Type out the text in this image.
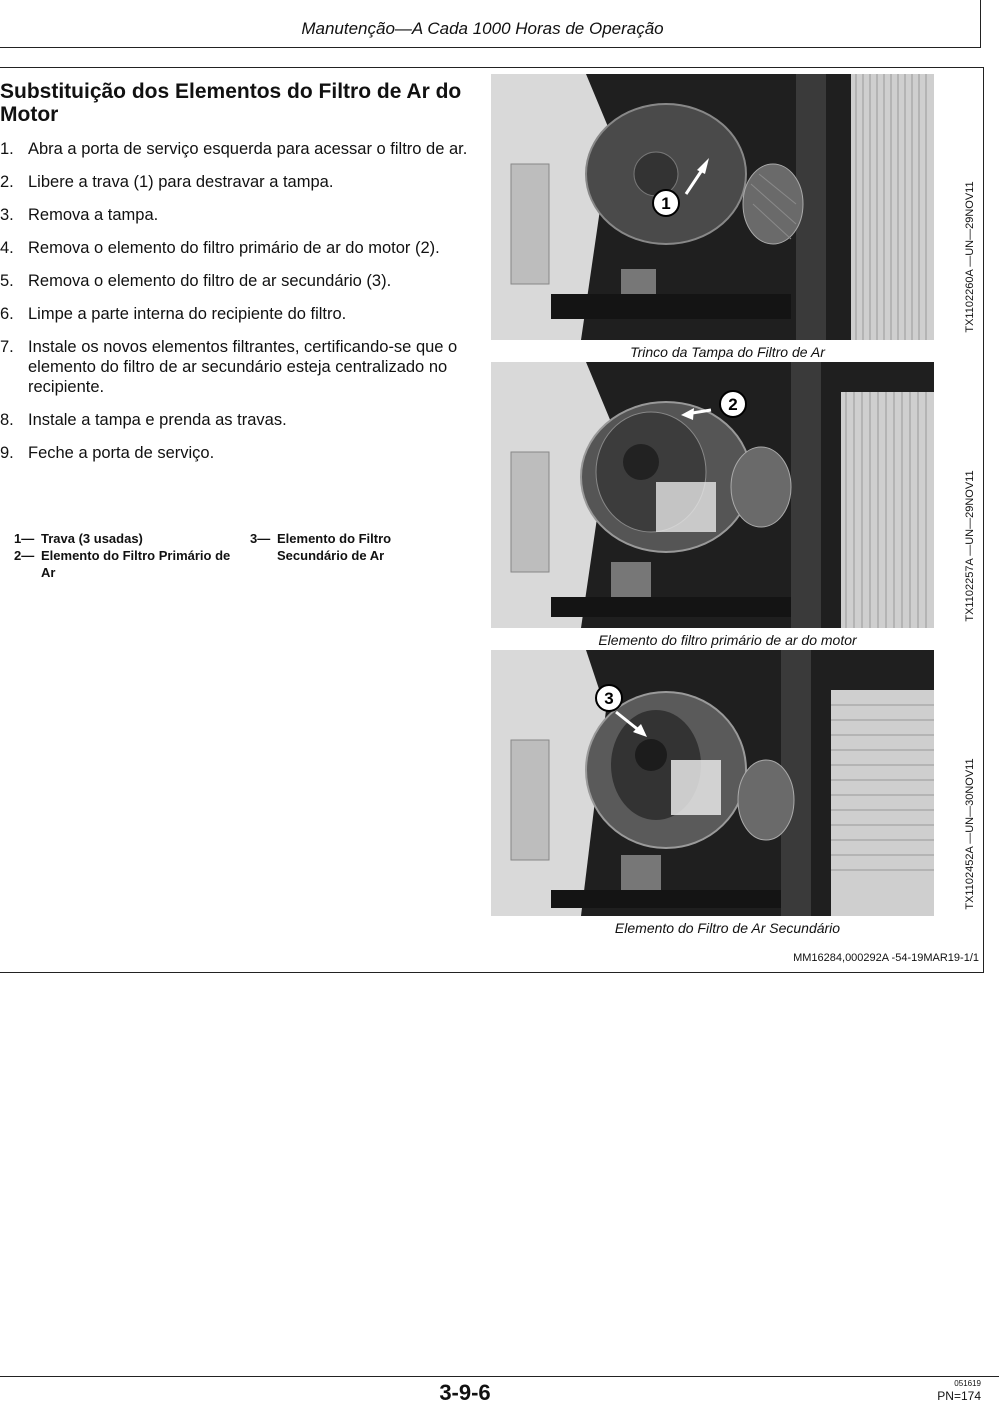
Manutenção—A Cada 1000 Horas de Operação
Substituição dos Elementos do Filtro de Ar do Motor
1. Abra a porta de serviço esquerda para acessar o filtro de ar.
2. Libere a trava (1) para destravar a tampa.
3. Remova a tampa.
4. Remova o elemento do filtro primário de ar do motor (2).
5. Remova o elemento do filtro de ar secundário (3).
6. Limpe a parte interna do recipiente do filtro.
7. Instale os novos elementos filtrantes, certificando-se que o elemento do filtro de ar secundário esteja centralizado no recipiente.
8. Instale a tampa e prenda as travas.
9. Feche a porta de serviço.
1— Trava (3 usadas)
2— Elemento do Filtro Primário de Ar
3— Elemento do Filtro Secundário de Ar
1
Trinco da Tampa do Filtro de Ar
TX1102260A —UN—29NOV11
2
Elemento do filtro primário de ar do motor
TX1102257A —UN—29NOV11
3
Elemento do Filtro de Ar Secundário
TX1102452A —UN—30NOV11
MM16284,000292A -54-19MAR19-1/1
3-9-6	051619
PN=174
